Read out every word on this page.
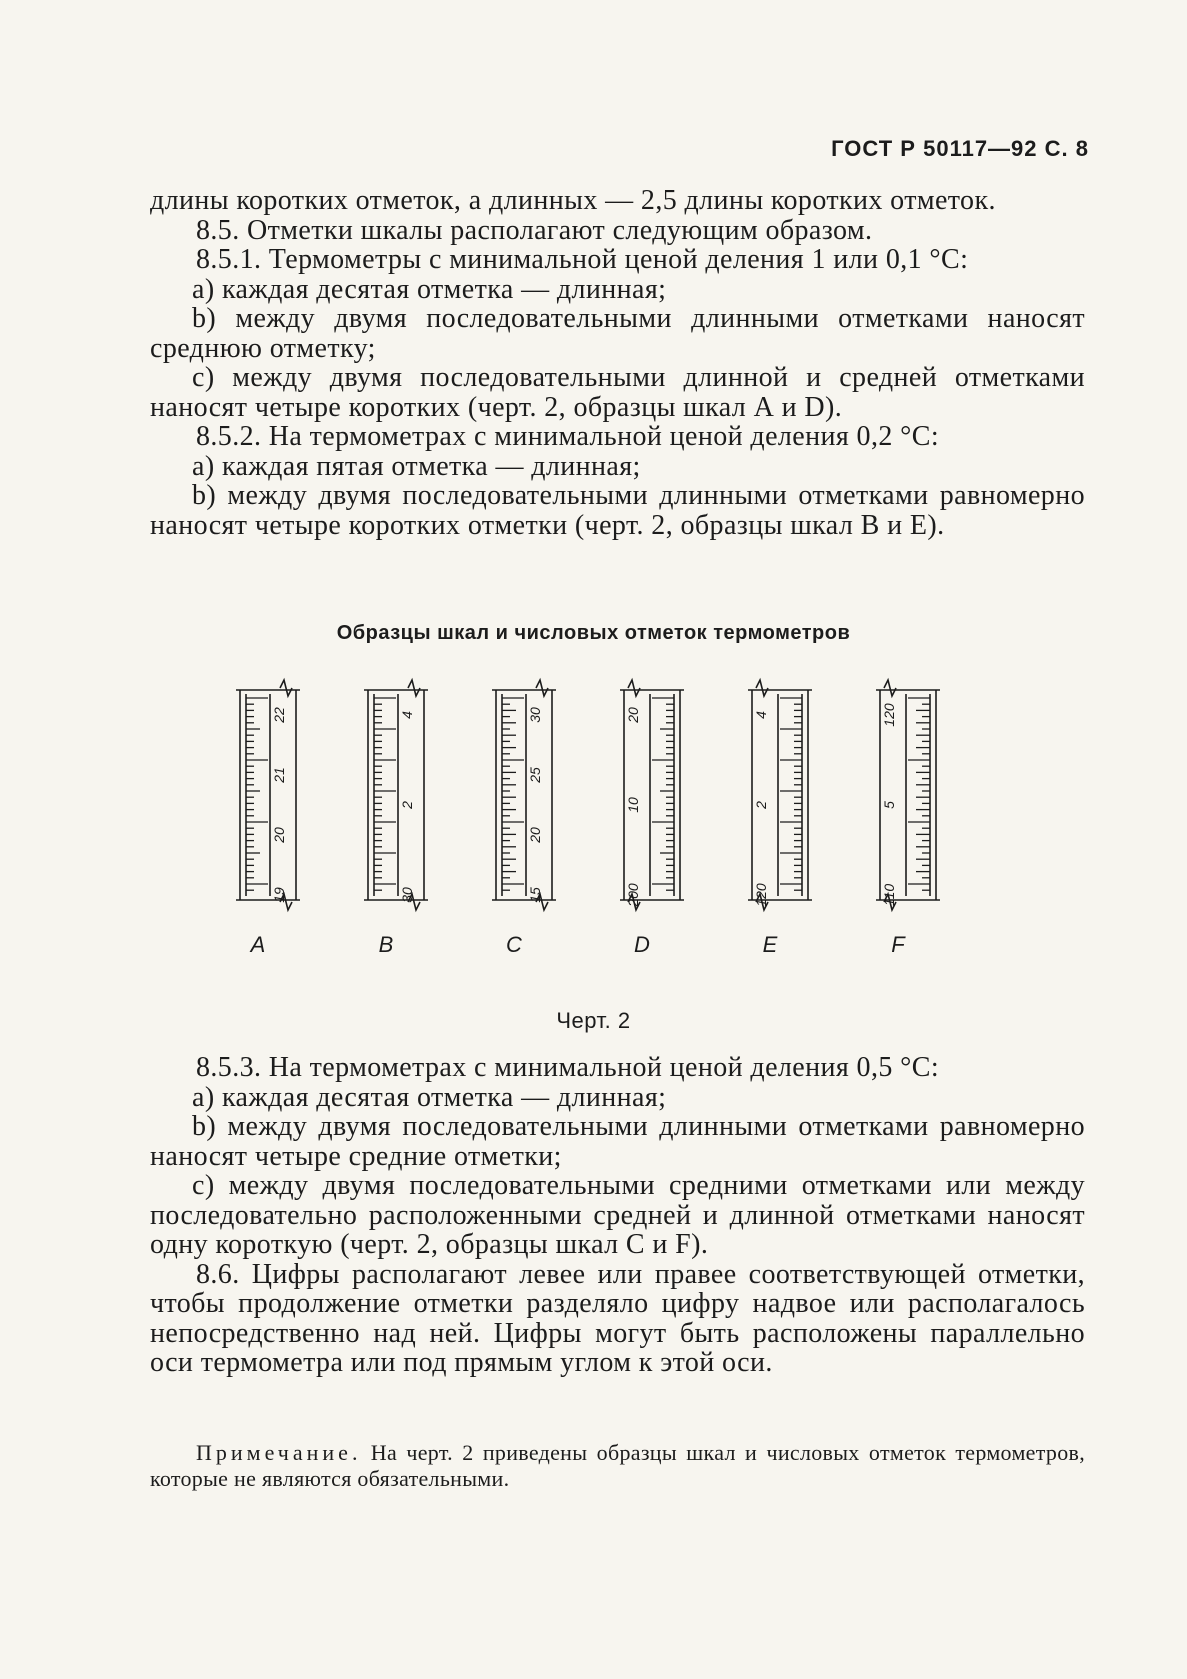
ГОСТ Р 50117—92 С. 8

длины коротких отметок, а длинных — 2,5 длины коротких отметок.

8.5. Отметки шкалы располагают следующим образом.

8.5.1. Термометры с минимальной ценой деления 1 или 0,1 °С:

а) каждая десятая отметка — длинная;

b) между двумя последовательными длинными отметками наносят среднюю отметку;

с) между двумя последовательными длинной и средней отметками наносят четыре коротких (черт. 2, образцы шкал А и D).

8.5.2. На термометрах с минимальной ценой деления 0,2 °С:

а) каждая пятая отметка — длинная;

b) между двумя последовательными длинными отметками равномерно наносят четыре коротких отметки (черт. 2, образцы шкал В и Е).

Образцы шкал и числовых отметок термометров
22
21
20
19
A
4
2
30
B
30
25
20
15
C
20
10
200
D
4
2
120
E
120
5
110
F
Черт. 2

8.5.3. На термометрах с минимальной ценой деления 0,5 °С:

а) каждая десятая отметка — длинная;

b) между двумя последовательными длинными отметками равномерно наносят четыре средние отметки;

с) между двумя последовательными средними отметками или между последовательно расположенными средней и длинной отметками наносят одну короткую (черт. 2, образцы шкал С и F).

8.6. Цифры располагают левее или правее соответствующей отметки, чтобы продолжение отметки разделяло цифру надвое или располагалось непосредственно над ней. Цифры могут быть расположены параллельно оси термометра или под прямым углом к этой оси.

Примечание. На черт. 2 приведены образцы шкал и числовых отметок термометров, которые не являются обязательными.
